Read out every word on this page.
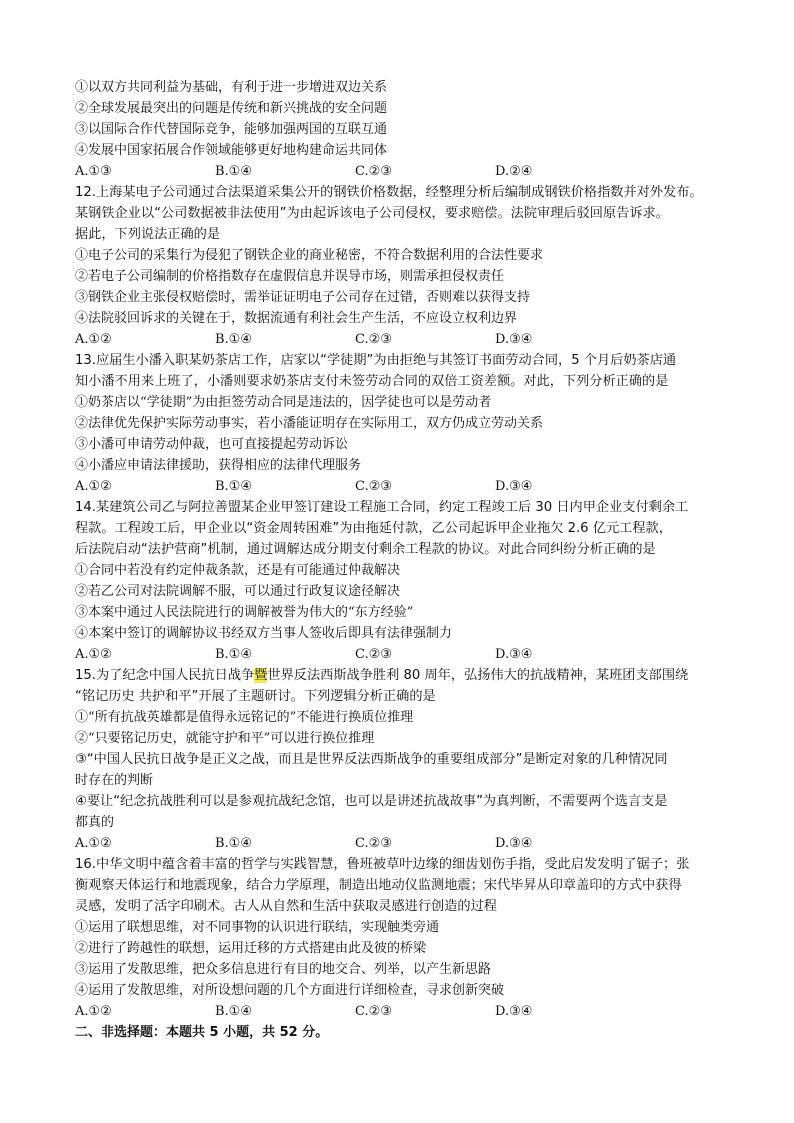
①以双方共同利益为基础，有利于进一步增进双边关系
②全球发展最突出的问题是传统和新兴挑战的安全问题
③以国际合作代替国际竞争，能够加强两国的互联互通
④发展中国家拓展合作领域能够更好地构建命运共同体
A.①③	B.①④	C.②③	D.②④
12.上海某电子公司通过合法渠道采集公开的钢铁价格数据，经整理分析后编制成钢铁价格指数并对外发布。
某钢铁企业以“公司数据被非法使用”为由起诉该电子公司侵权，要求赔偿。法院审理后驳回原告诉求。
据此，下列说法正确的是
①电子公司的采集行为侵犯了钢铁企业的商业秘密，不符合数据利用的合法性要求
②若电子公司编制的价格指数存在虚假信息并误导市场，则需承担侵权责任
③钢铁企业主张侵权赔偿时，需举证证明电子公司存在过错，否则难以获得支持
④法院驳回诉求的关键在于，数据流通有利社会生产生活，不应设立权利边界
A.①②	B.①④	C.②③	D.③④
13.应届生小潘入职某奶茶店工作，店家以“学徒期”为由拒绝与其签订书面劳动合同，5 个月后奶茶店通
知小潘不用来上班了，小潘则要求奶茶店支付未签劳动合同的双倍工资差额。对此，下列分析正确的是
①奶茶店以“学徒期”为由拒签劳动合同是违法的，因学徒也可以是劳动者
②法律优先保护实际劳动事实，若小潘能证明存在实际用工，双方仍成立劳动关系
③小潘可申请劳动仲裁，也可直接提起劳动诉讼
④小潘应申请法律援助，获得相应的法律代理服务
A.①②	B.①④	C.②③	D.③④
14.某建筑公司乙与阿拉善盟某企业甲签订建设工程施工合同，约定工程竣工后 30 日内甲企业支付剩余工
程款。工程竣工后，甲企业以“资金周转困难”为由拖延付款，乙公司起诉甲企业拖欠 2.6 亿元工程款，
后法院启动“法护营商”机制，通过调解达成分期支付剩余工程款的协议。对此合同纠纷分析正确的是
①合同中若没有约定仲裁条款，还是有可能通过仲裁解决
②若乙公司对法院调解不服，可以通过行政复议途径解决
③本案中通过人民法院进行的调解被誉为伟大的“东方经验”
④本案中签订的调解协议书经双方当事人签收后即具有法律强制力
A.①②	B.①④	C.②③	D.③④
15.为了纪念中国人民抗日战争暨世界反法西斯战争胜利 80 周年，弘扬伟大的抗战精神，某班团支部围绕
“铭记历史 共护和平”开展了主题研讨。下列逻辑分析正确的是
①“所有抗战英雄都是值得永远铭记的”不能进行换质位推理
②“只要铭记历史，就能守护和平”可以进行换位推理
③“中国人民抗日战争是正义之战，而且是世界反法西斯战争的重要组成部分”是断定对象的几种情况同
时存在的判断
④要让“纪念抗战胜利可以是参观抗战纪念馆，也可以是讲述抗战故事”为真判断，不需要两个选言支是
都真的
A.①②	B.①④	C.②③	D.③④
16.中华文明中蕴含着丰富的哲学与实践智慧，鲁班被草叶边缘的细齿划伤手指，受此启发发明了锯子；张
衡观察天体运行和地震现象，结合力学原理，制造出地动仪监测地震；宋代毕昇从印章盖印的方式中获得
灵感，发明了活字印刷术。古人从自然和生活中获取灵感进行创造的过程
①运用了联想思维，对不同事物的认识进行联结，实现触类旁通
②进行了跨越性的联想，运用迁移的方式搭建由此及彼的桥梁
③运用了发散思维，把众多信息进行有目的地交合、列举，以产生新思路
④运用了发散思维，对所设想问题的几个方面进行详细检查，寻求创新突破
A.①②	B.①④	C.②③	D.③④
二、非选择题：本题共 5 小题，共 52 分。
